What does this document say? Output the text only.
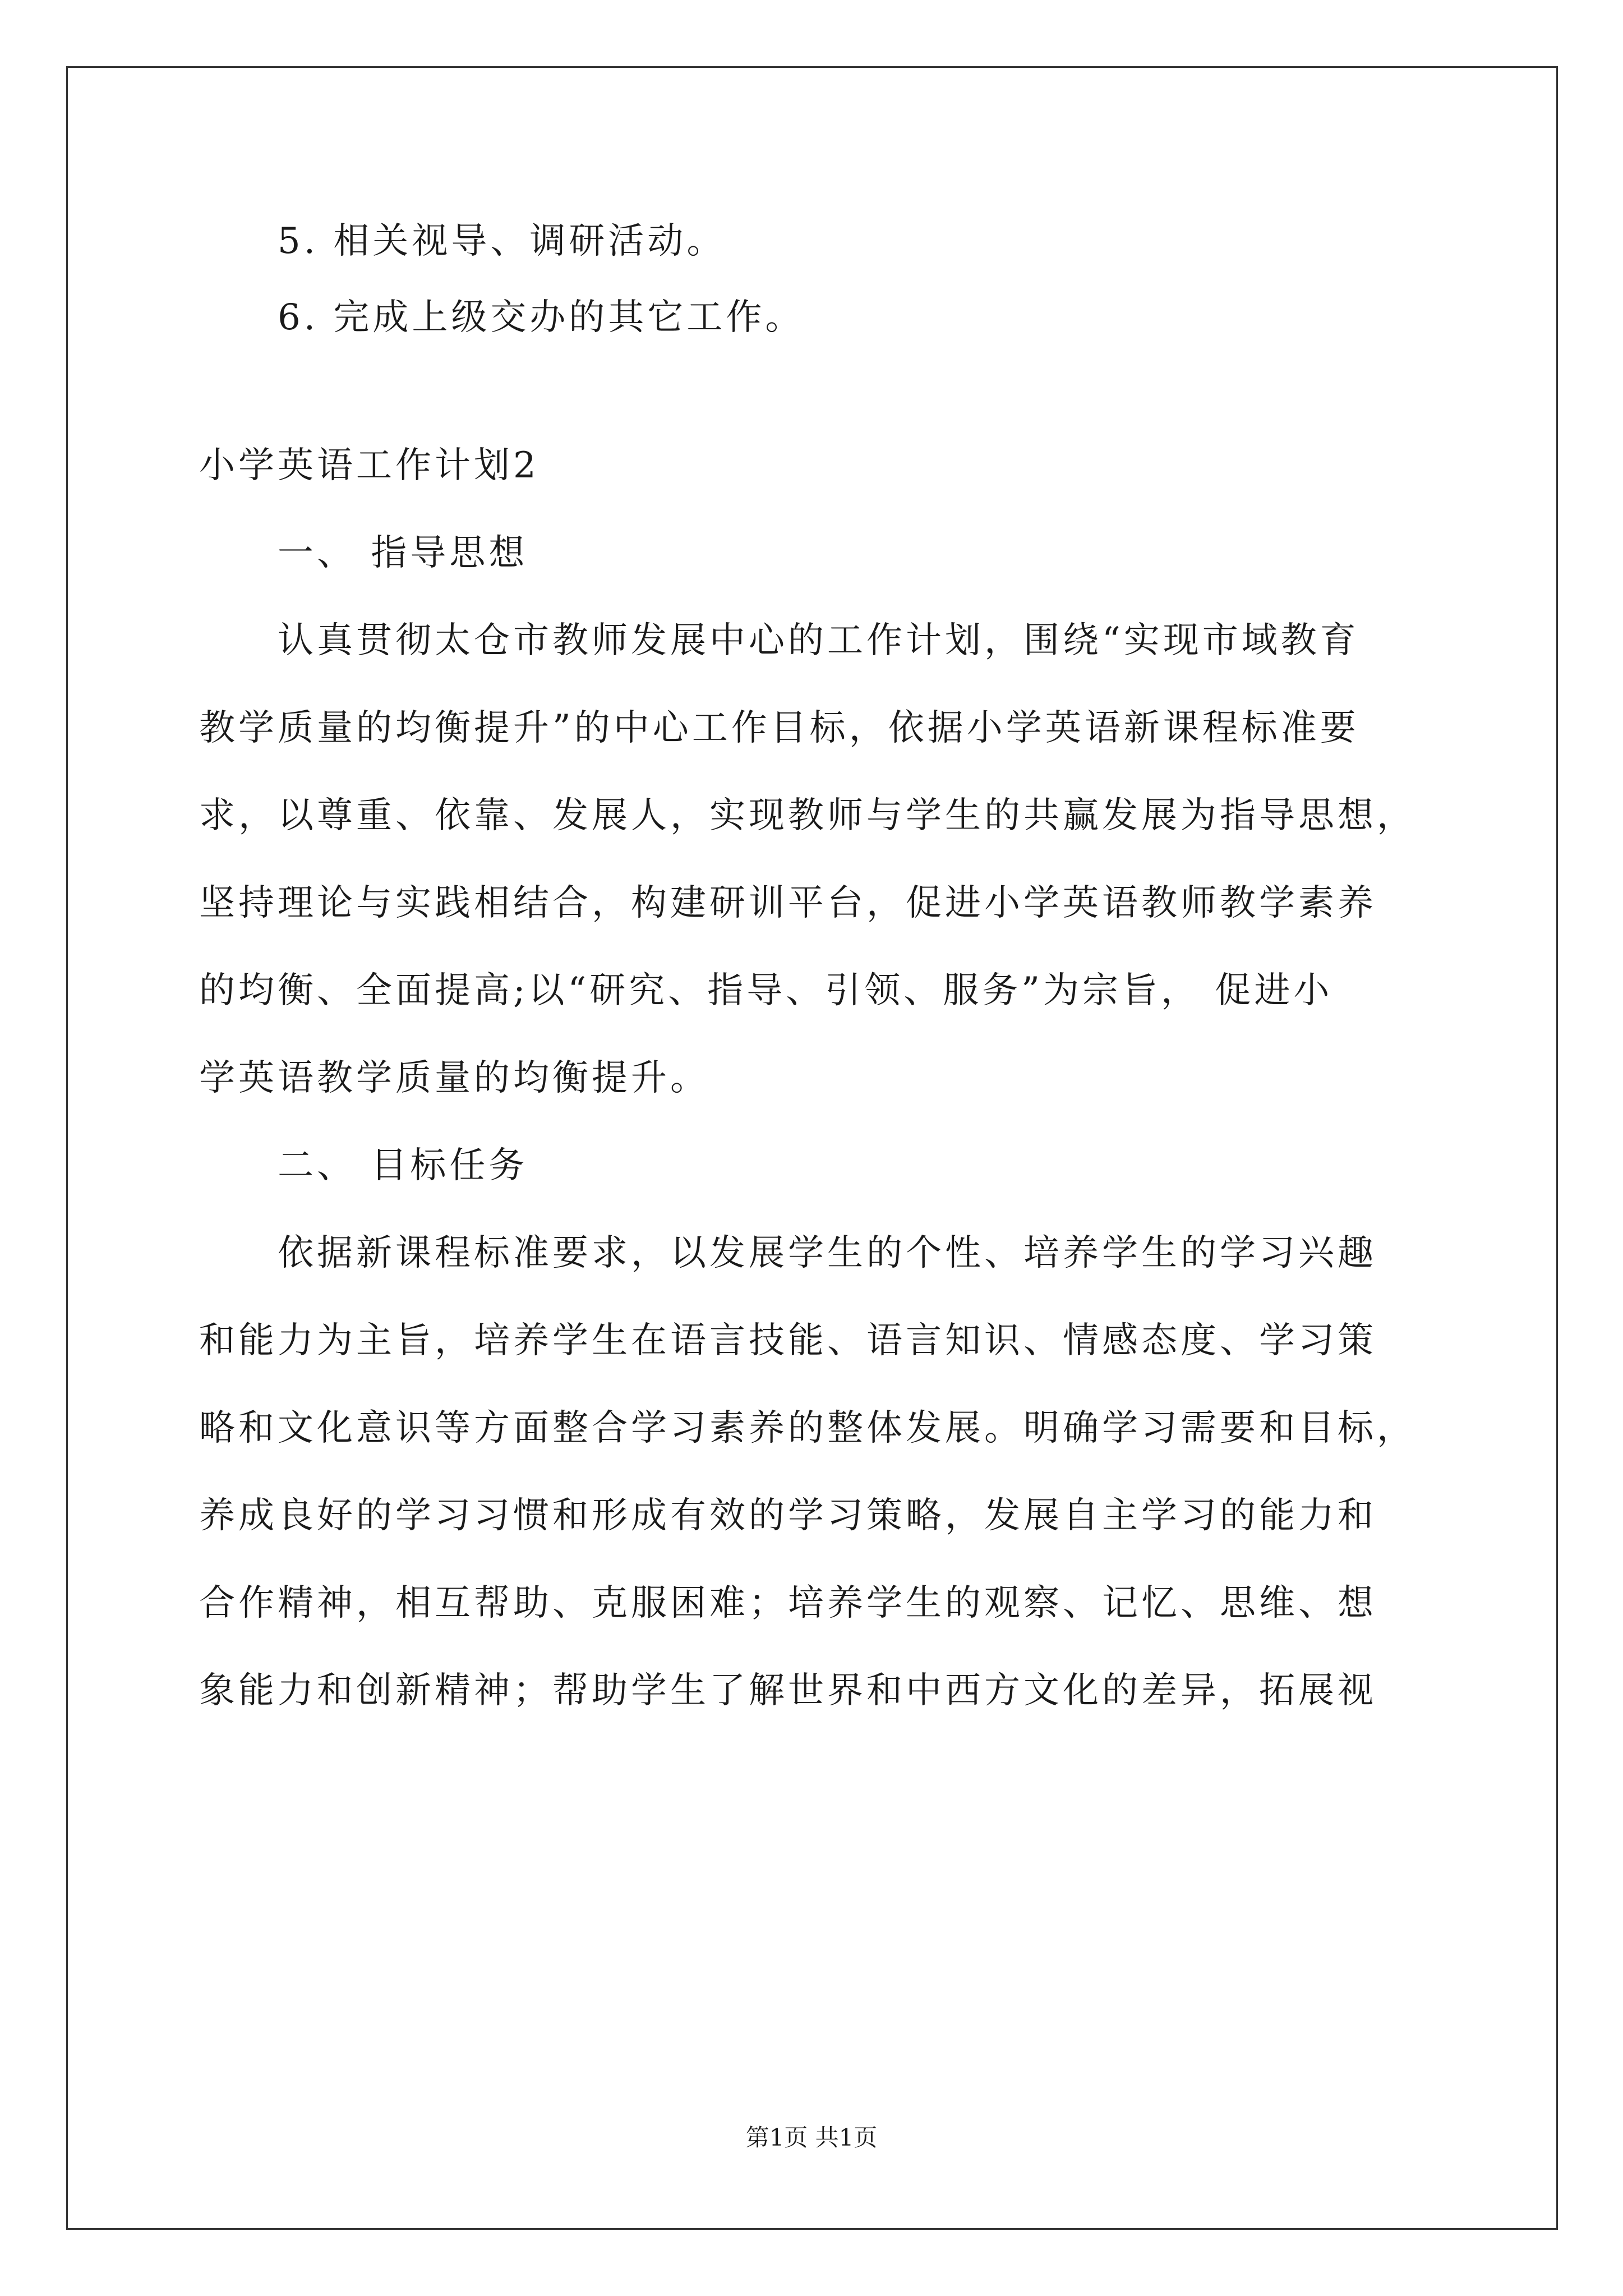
5. 相关视导、调研活动。
6. 完成上级交办的其它工作。
小学英语工作计划2
一、 指导思想
认真贯彻太仓市教师发展中心的工作计划，围绕“实现市域教育
教学质量的均衡提升”的中心工作目标，依据小学英语新课程标准要
求，以尊重、依靠、发展人，实现教师与学生的共赢发展为指导思想，
坚持理论与实践相结合，构建研训平台，促进小学英语教师教学素养
的均衡、全面提高;以“研究、指导、引领、服务”为宗旨， 促进小
学英语教学质量的均衡提升。
二、 目标任务
依据新课程标准要求，以发展学生的个性、培养学生的学习兴趣
和能力为主旨，培养学生在语言技能、语言知识、情感态度、学习策
略和文化意识等方面整合学习素养的整体发展。明确学习需要和目标，
养成良好的学习习惯和形成有效的学习策略，发展自主学习的能力和
合作精神，相互帮助、克服困难；培养学生的观察、记忆、思维、想
象能力和创新精神；帮助学生了解世界和中西方文化的差异，拓展视
第1页 共1页
